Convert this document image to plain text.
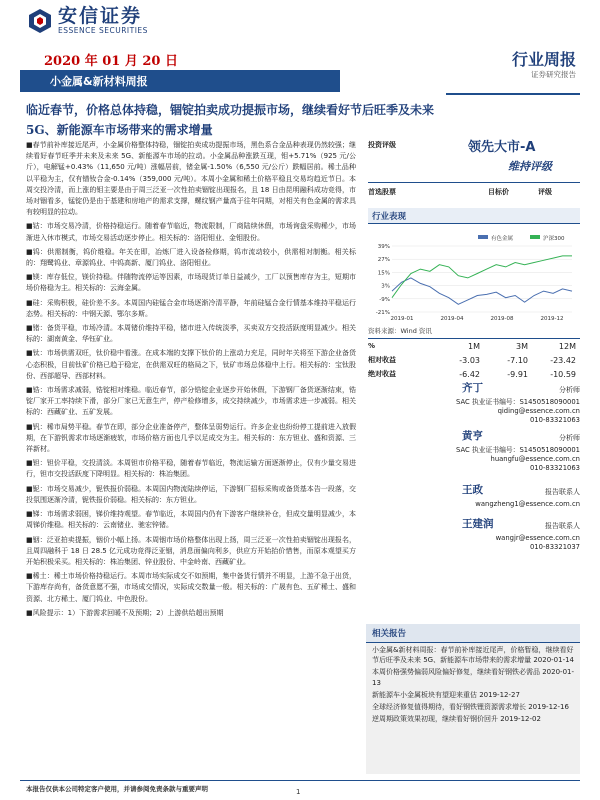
安信证券
ESSENCE SECURITIES
2020 年 01 月 20 日	行业周报
证券研究报告
小金属&新材料周报
临近春节，价格总体持稳，锢锭拍卖成功提振市场，继续看好节后旺季及未来 5G、新能源车市场带来的需求增量

■春节前补库接近尾声，小金属价格整体持稳，锢锭拍卖成功提振市场，黑色系合金品种表现仍然较强；继续看好春节旺季并未来及未来 5G、新能源车市场的拉动。小金属品种涨跌互现，钼+5.71%（925 元/公斤），电解锰+0.43%（11,650 元/吨）涨幅居前，锗金属-1.50%（6,550 元/公斤）跌幅居前。稀土品种以平稳为主，仅有镨钕合金-0.14%（359,000 元/吨）。本周小金属和稀土价格平稳且交易均趋近节日。本周交投冷清，而上涨的钼主要是由于周三泛亚一次性拍卖锢锭出现报名，且 18 日由昆明融科成功竞得，市场对锢看多，锰锭仍是由于基建和房地产的需求支撑，螺纹钢产量高于往年同期，对相关有色金属的需求具有较明显的拉动。

■钴：市场交易冷清，价格持稳运行。随着春节临近，物流限制，厂商陆续休假，市场询盘采购稀少，市场渐进入休市模式，市场交易活动逐步停止。相关标的：洛阳钼业、金钼股份。

■钨：供需制衡，钨价维稳。年关在即，冶炼厂进入设备检修期，钨市流动较小，供需相对制衡。相关标的：翔鹭钨业、章源钨业、中钨高新、厦门钨业、洛阳钼业。

■镁：库存低位，镁价持稳。伴随物流停运等因素，市场现货订单日益减少，工厂以预售库存为主，短期市场价格稳为主。相关标的：云海金属。

■硅：采购积极，硅价差不多。本周国内硅锰合金市场逐渐冷清平静，年前硅锰合金行情基本维持平稳运行态势。相关标的：中钢天源、鄂尔多斯。

■锗：备货平稳，市场冷清。本周锗价维持平稳，锗市进入传统淡季，买卖双方交投活跃度明显减少。相关标的：湖南黄金、华钰矿业。

■钛：市场供需双旺，钛价稳中看涨。在成本端的支撑下钛价的上涨动力充足，同时年关将至下游企业备货心态积极，目前钛矿价格已趋于稳定，在供需双旺的格局之下，钛矿市场总体稳中上行。相关标的：宝钛股份、西部超导、西部材料。

■锆：市场需求减弱，锆锭相对维稳。临近春节，部分锆锭企业逐步开始休假，下游钢厂备货逐渐结束，锆锭厂家开工率持续下滑，部分厂家已无意生产，停产检修增多，成交持续减少，市场需求进一步减弱。相关标的：西藏矿业、五矿发展。

■钒：稀市局势平稳。春节在即，部分企业准备停产，整体呈弱势运行。许多企业也纷纷停工提前进入放假期，在下游钒需求市场逐渐疲软，市场价格方面也几乎以足成交为主。相关标的：东方钽业、盛和资源、三祥新材。

■钽：钽价平稳，交投清淡。本周钽市价格平稳，随着春节临近，物流运输方面逐渐停止，仅有少量交易进行，钽市交投活跃度下降明显。相关标的：株冶集团。

■铌：市场交易减少，铌铁报价弱稳。本周国内物流陆续停运，下游钢厂招标采购或备货基本告一段落，交投氛围逐渐冷清，铌铁报价弱稳。相关标的：东方钽业。

■锑：市场需求弱困，锑价维持观望。春节临近，本周国内仍有下游客户继续补仓，但成交量明显减少，本周锑价维稳。相关标的：云南锗业、驰宏锌锗。

■铟：泛亚拍卖提振，铟价小幅上扬。本周铟市场价格整体出现上扬，周三泛亚一次性拍卖锢锭出现报名，且周四融科于 18 日 28.5 亿元成功竞得泛亚铟，消息面偏向利多，供应方开始抬价惜售，而原本观望买方开始积极采买。相关标的：株冶集团、锌业股份、中金岭南、西藏矿业。

■稀土：稀土市场价格持稳运行。本周市场实际成交不如预期，集中备货行情并不明显，上游不急于出货，下游库存尚有，备货意愿不强，市场成交情况，实际成交数量一般。相关标的：广晟有色、五矿稀土、盛和资源、北方稀土、厦门钨业、中色股份。

■风险提示：1）下游需求回暖不及预期；2）上游供给超出预期

投资评级	领先大市-A
维持评级
首选股票	目标价	评级
行业表现
39%
27%
15%
3%
-9%
-21%
2019-01	2019-04	2019-08	2019-12
有色金属	沪深300
资料来源：Wind 资讯
%	1M	3M	12M
相对收益	-3.03	-7.10	-23.42
绝对收益	-6.42	-9.91	-10.59
齐丁	分析师
SAC 执业证书编号：S1450518090001
qiding@essence.com.cn
010-83321063
黄亨	分析师
SAC 执业证书编号：S1450518090001
huangfu@essence.com.cn
010-83321063
王政	报告联系人
wangzheng1@essence.com.cn
王建润	报告联系人
wangjr@essence.com.cn
010-83321037
相关报告
小金属&新材料周报：春节前补库接近尾声，价格暂稳，继续看好节后旺季及未来 5G、新能源车市场带来的需求增量 2020-01-14
本周价格强势偏弱风险偏好修复，继续看好钢铁必需品 2020-01-13
新能源车小金属板块有望迎来重估 2019-12-27
全球经济修复值得期待，看好钢铁锂资源需求增长 2019-12-16
逆周期政策效果初现，继续看好钢价回升 2019-12-02
本报告仅供本公司特定客户使用，并请参阅免责条款与重要声明	1
